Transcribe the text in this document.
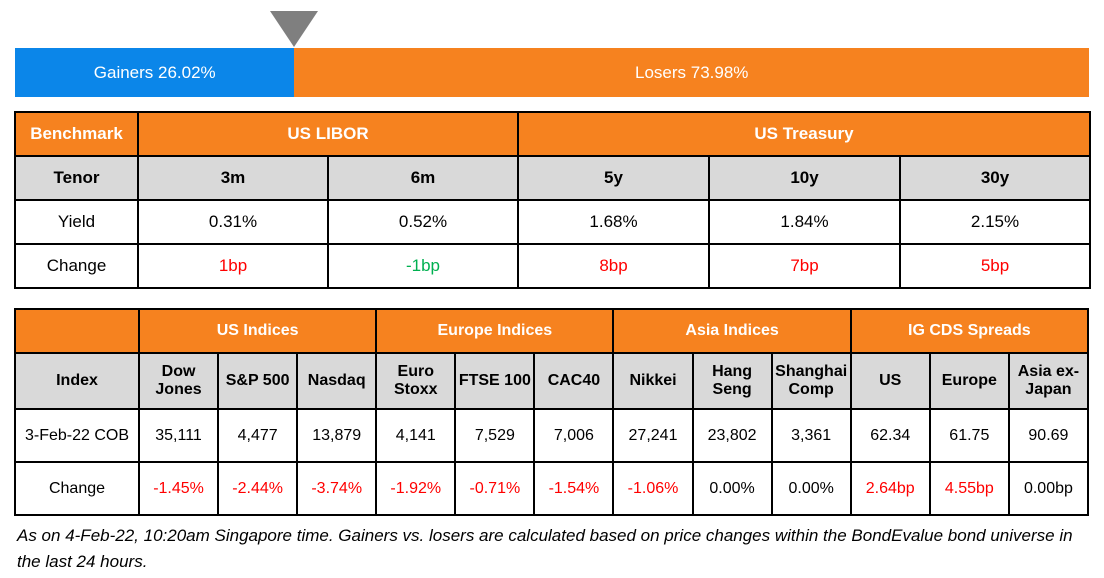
Gainers 26.02%	Losers 73.98%
Benchmark	US LIBOR		US Treasury		
Tenor	3m	6m	5y	10y	30y
Yield	0.31%	0.52%	1.68%	1.84%	2.15%
Change	1bp	-1bp	8bp	7bp	5bp
	US Indices			Europe Indices			Asia Indices			IG CDS Spreads		
Index	Dow Jones	S&P 500	Nasdaq	Euro Stoxx	FTSE 100	CAC40	Nikkei	Hang Seng	Shanghai Comp	US	Europe	Asia ex-Japan
3-Feb-22 COB	35,111	4,477	13,879	4,141	7,529	7,006	27,241	23,802	3,361	62.34	61.75	90.69
Change	-1.45%	-2.44%	-3.74%	-1.92%	-0.71%	-1.54%	-1.06%	0.00%	0.00%	2.64bp	4.55bp	0.00bp
As on 4-Feb-22, 10:20am Singapore time. Gainers vs. losers are calculated based on price changes within the BondEvalue bond universe in the last 24 hours.
